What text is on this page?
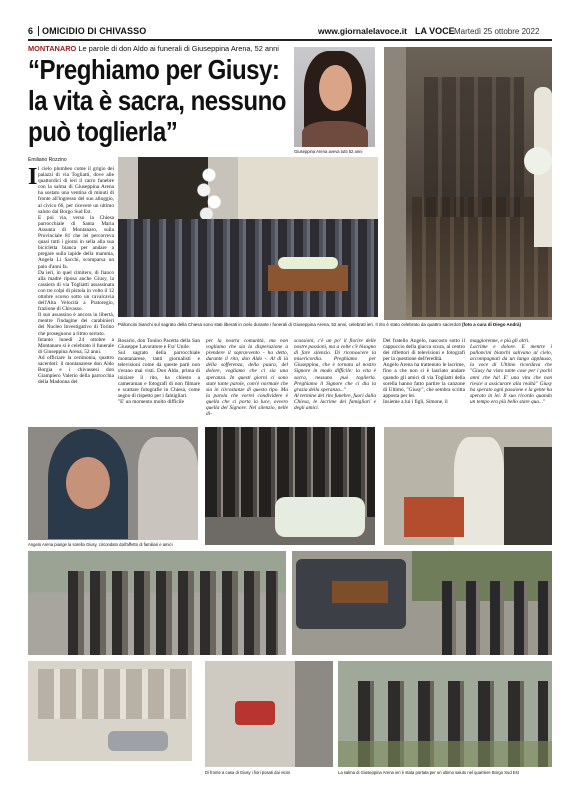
6 OMICIDIO DI CHIVASSO	www.giornalelavoce.it LA VOCE Martedì 25 ottobre 2022
MONTANARO Le parole di don Aldo ai funerali di Giuseppina Arena, 52 anni
“Preghiamo per Giusy:
la vita è sacra, nessuno
può toglierla”
Giuseppina Arena aveva tutti 52 anni
Emiliano Rozzino
I l cielo plumbeo come il grigio dei palazzi di via Togliatti, dove alle quattordici di ieri il carro funebre con la salma di Giuseppina Arena ha sostato una ventina di minuti di fronte all'ingresso del suo alloggio, al civico 66, per ricevere un ultimo saluto dal Borgo Sud Est.
E poi via, verso la Chiesa parrocchiale di Santa Maria Assunta di Montanaro, sulla Provinciale 81 che lei percorreva quasi tutti i giorni in sella alla sua bicicletta bianca per andare a pregare sulla lapide della mamma, Angela Li Sacchi, scomparsa un paio d'anni fa.
Da ieri, in quel cimitero, di fianco alla madre riposa anche Giusy, la cassiera di via Togliatti assassinata con tre colpi di pistola in volto il 12 ottobre scorso sotto un cavalcavia dell'Alta Velocità a Pratoregio, frazione di Chivasso.
Il suo assassino è ancora in libertà, mentre l'indagine dei carabinieri del Nucleo Investigativo di Torino che proseguono a ritmo serrato.
Intanto lunedì 24 ottobre a Montanaro si è celebrato il funerale di Giuseppina Arena, 52 anni.
Ad officiare la cerimonia, quattro sacerdoti: il montanarese don Aldo Borgia e i chivassesi don Giampiero Valerio della parrocchia della Madonna del
Palloncini bianchi sul sagrato della Chiesa sono stati liberati in cielo durante i funerali di Giuseppina Arena, 52 anni, celebrati ieri. Il rito è stato celebrato da quattro sacerdoti (foto a cura di Diego Andrà)
Rosario, don Tonino Pacetta della San Giuseppe Lavoratore e Fra' Unile.
Sul sagrato della parrocchiale montanarese, tanti giornalisti e televisioni come da queste parti non s'erano mai visti. Don Aldo, prima di iniziare il rito, ha chiesto a cameraman e fotografi di non filmare e scattare fotografie in Chiesa, come segno di rispetto per i famigliari.
"E' un momento molto difficile
per la nostra comunità, ma non vogliamo che sia la disperazione a prendere il sopravvento - ha detto, durante il rito, don Aldo -. Al di là della sofferenza, della paura, del dolore, vogliamo che ci sia una speranza. In questi giorni ci sono state tante parole, com'è normale che sia in circostanze di questo tipo. Ma la parola che vorrei condividere è quella che ci porta la luce, ovvero quella del Signore. Nel silenzio, nelle di-
scussioni, c'è un po' il fiorire delle nostre passioni, ma a volte c'è bisogno di fare silenzio. Di riconoscere la misericordia. Preghiamo per Giuseppina, che è tornata al nostro Signore in modo difficile: la vita è sacra, nessuno può toglierla. Preghiamo il Signore che ci dia la grazia della speranza..."
Al termine del rito funebre, fuori dalla Chiesa, le lacrime dei famigliari e degli amici.
Del fratello Angelo, nascosto sotto il cappuccio della giacca scura, al centro dei riflettori di televisioni e fotografi per la questione dell'eredità.
Angelo Arena ha trattenuto le lacrime, fino a che non si è lasciato andare quando gli amici di via Togliatti della sorella hanno fatto partire la canzone di Ultimo, "Giusy", che sembra scritta apposta per lei.
Insieme a lui i figli, Simone, il
maggiorenne, e più gli altri.
Lacrime e dolore. E mentre i palloncini bianchi salivano al cielo, accompagnati da un lungo applauso, la voce di Ultimo ricordava che "Giusy ha visto tante cose per i pochi anni che ha! E' una vita che non riesce a assicurare alla realtà" Giusy ha sperato ogni passione e la gente ha sperato in lei. Il suo ricordo quando un tempo era più bello stare qua..."
Angelo Arena piange la sorella Giusy, circondato dall'affetto di familiari e amici
Di fronte a casa di Giusy i fiori posati dai vicini	La salma di Giuseppina Arena ieri è stata portata per un ultimo saluto nel quartiere Borgo Sud Est
